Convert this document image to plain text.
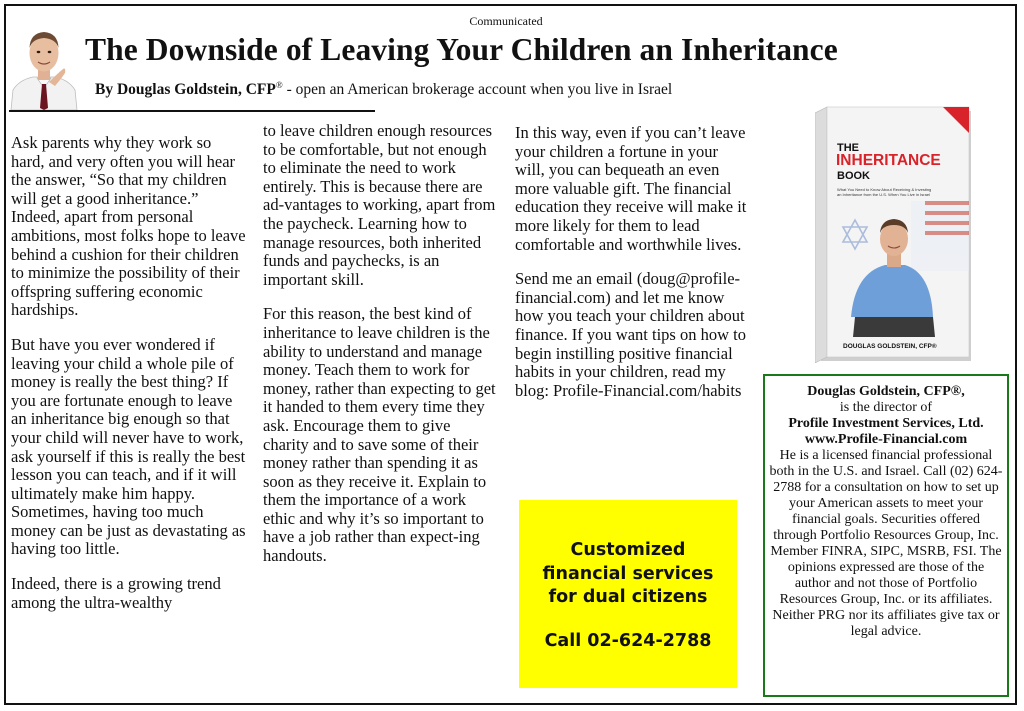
Communicated
The Downside of Leaving Your Children an Inheritance
By Douglas Goldstein, CFP® - open an American brokerage account when you live in Israel

Ask parents why they work so hard, and very often you will hear the answer, “So that my children will get a good inheritance.” Indeed, apart from personal ambitions, most folks hope to leave behind a cushion for their children to minimize the possibility of their offspring suffering economic hardships.

But have you ever wondered if leaving your child a whole pile of money is really the best thing? If you are fortunate enough to leave an inheritance big enough so that your child will never have to work, ask yourself if this is really the best lesson you can teach, and if it will ultimately make him happy. Sometimes, having too much money can be just as devastating as having too little.

Indeed, there is a growing trend among the ultra-wealthy

to leave children enough resources to be comfortable, but not enough to eliminate the need to work entirely. This is because there are ad-vantages to working, apart from the paycheck. Learning how to manage resources, both inherited funds and paychecks, is an important skill.

For this reason, the best kind of inheritance to leave children is the ability to understand and manage money. Teach them to work for money, rather than expecting to get it handed to them every time they ask. Encourage them to give charity and to save some of their money rather than spending it as soon as they receive it. Explain to them the importance of a work ethic and why it’s so important to have a job rather than expect-ing handouts.

In this way, even if you can’t leave your children a fortune in your will, you can bequeath an even more valuable gift. The financial education they receive will make it more likely for them to lead comfortable and worthwhile lives.

Send me an email (doug@profile-financial.com) and let me know how you teach your children about finance. If you want tips on how to begin instilling positive financial habits in your children, read my blog: Profile-Financial.com/habits

THE
INHERITANCE
BOOK
What You Need to Know About Receiving & Investing
an Inheritance from the U.S. When You Live in Israel
DOUGLAS GOLDSTEIN, CFP®
Customized
financial services
for dual citizens
Call 02-624-2788
Douglas Goldstein, CFP®,
is the director of
Profile Investment Services, Ltd.
www.Profile-Financial.com
He is a licensed financial professional both in the U.S. and Israel. Call (02) 624-2788 for a consultation on how to set up your American assets to meet your financial goals. Securities offered through Portfolio Resources Group, Inc. Member FINRA, SIPC, MSRB, FSI. The opinions expressed are those of the author and not those of Portfolio Resources Group, Inc. or its affiliates. Neither PRG nor its affiliates give tax or legal advice.
